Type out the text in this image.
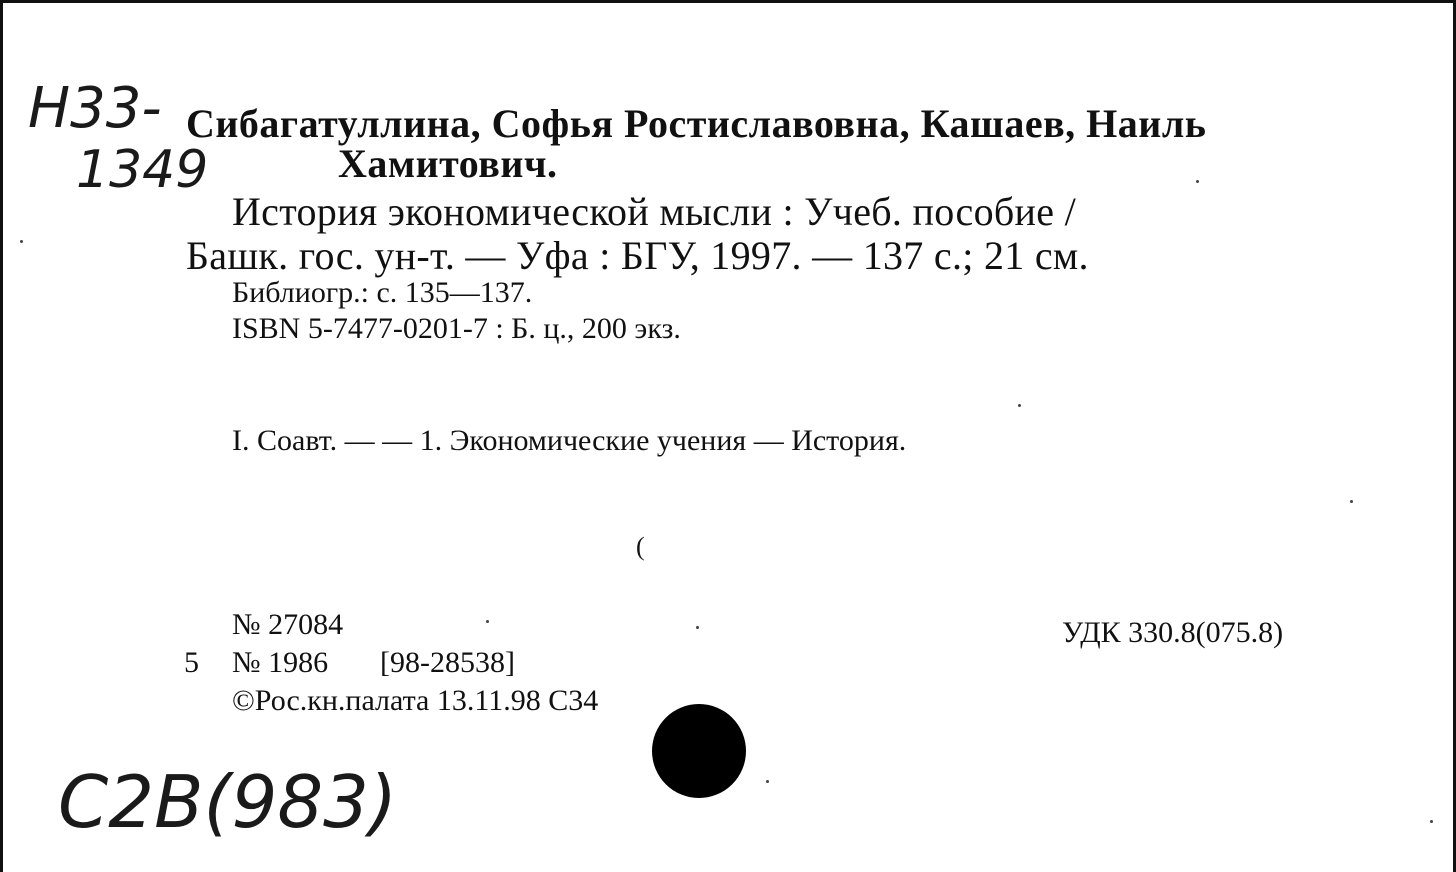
Н33-
1349
Сибагатуллина, Софья Ростиславовна, Кашаев, Наиль
Хамитович.
История экономической мысли : Учеб. пособие /
Башк. гос. ун-т. — Уфа : БГУ, 1997. — 137 с.; 21 см.
Библиогр.: с. 135—137.
ISBN 5-7477-0201-7 : Б. ц., 200 экз.
I. Соавт. — — 1. Экономические учения — История.
(
№ 27084
5 № 1986 [98-28538]
©Рос.кн.палата 13.11.98 С34
УДК 330.8(075.8)
С2В(983)
